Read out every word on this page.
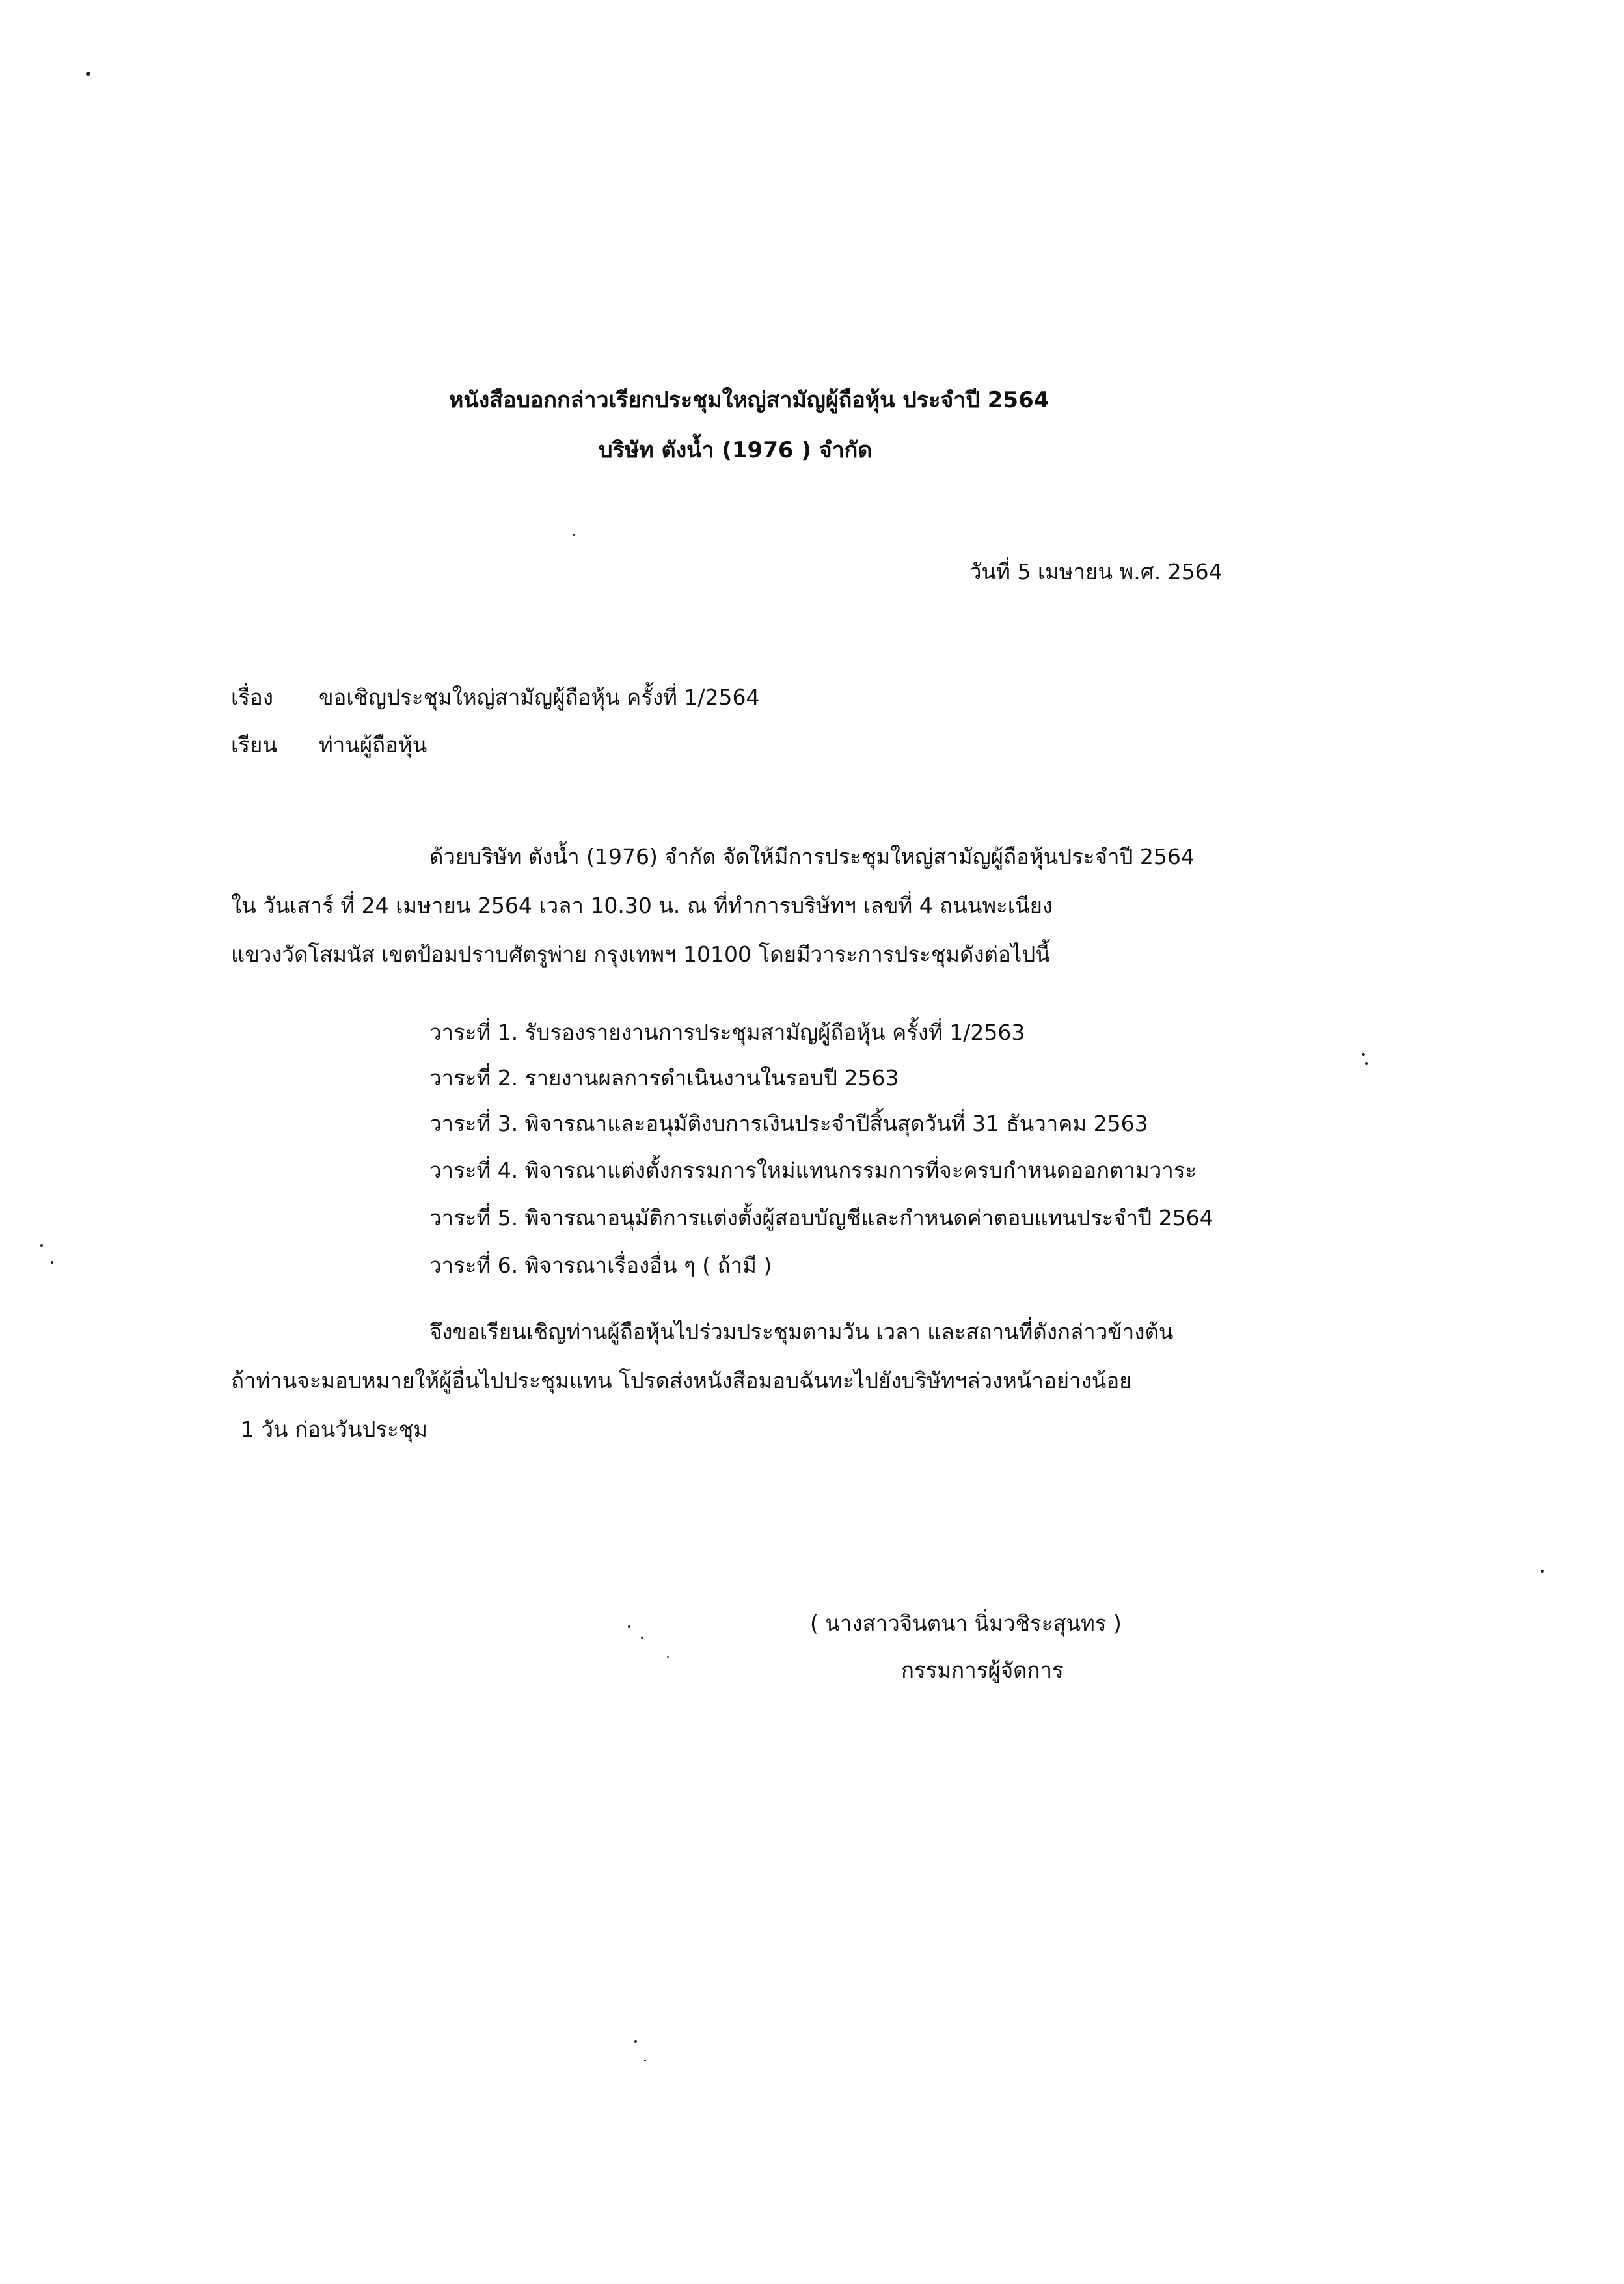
หนังสือบอกกล่าวเรียกประชุมใหญ่สามัญผู้ถือหุ้น ประจำปี 2564
บริษัท ตังน้ำ (1976 ) จำกัด
วันที่ 5 เมษายน พ.ศ. 2564
เรื่อง ขอเชิญประชุมใหญ่สามัญผู้ถือหุ้น ครั้งที่ 1/2564
เรียน ท่านผู้ถือหุ้น
ด้วยบริษัท ตังน้ำ (1976) จำกัด จัดให้มีการประชุมใหญ่สามัญผู้ถือหุ้นประจำปี 2564
ใน วันเสาร์ ที่ 24 เมษายน 2564 เวลา 10.30 น. ณ ที่ทำการบริษัทฯ เลขที่ 4 ถนนพะเนียง
แขวงวัดโสมนัส เขตป้อมปราบศัตรูพ่าย กรุงเทพฯ 10100 โดยมีวาระการประชุมดังต่อไปนี้
วาระที่ 1. รับรองรายงานการประชุมสามัญผู้ถือหุ้น ครั้งที่ 1/2563
วาระที่ 2. รายงานผลการดำเนินงานในรอบปี 2563
วาระที่ 3. พิจารณาและอนุมัติงบการเงินประจำปีสิ้นสุดวันที่ 31 ธันวาคม 2563
วาระที่ 4. พิจารณาแต่งตั้งกรรมการใหม่แทนกรรมการที่จะครบกำหนดออกตามวาระ
วาระที่ 5. พิจารณาอนุมัติการแต่งตั้งผู้สอบบัญชีและกำหนดค่าตอบแทนประจำปี 2564
วาระที่ 6. พิจารณาเรื่องอื่น ๆ ( ถ้ามี )
จึงขอเรียนเชิญท่านผู้ถือหุ้นไปร่วมประชุมตามวัน เวลา และสถานที่ดังกล่าวข้างต้น
ถ้าท่านจะมอบหมายให้ผู้อื่นไปประชุมแทน โปรดส่งหนังสือมอบฉันทะไปยังบริษัทฯล่วงหน้าอย่างน้อย
1 วัน ก่อนวันประชุม
( นางสาวจินตนา นิ่มวชิระสุนทร )
กรรมการผู้จัดการ
